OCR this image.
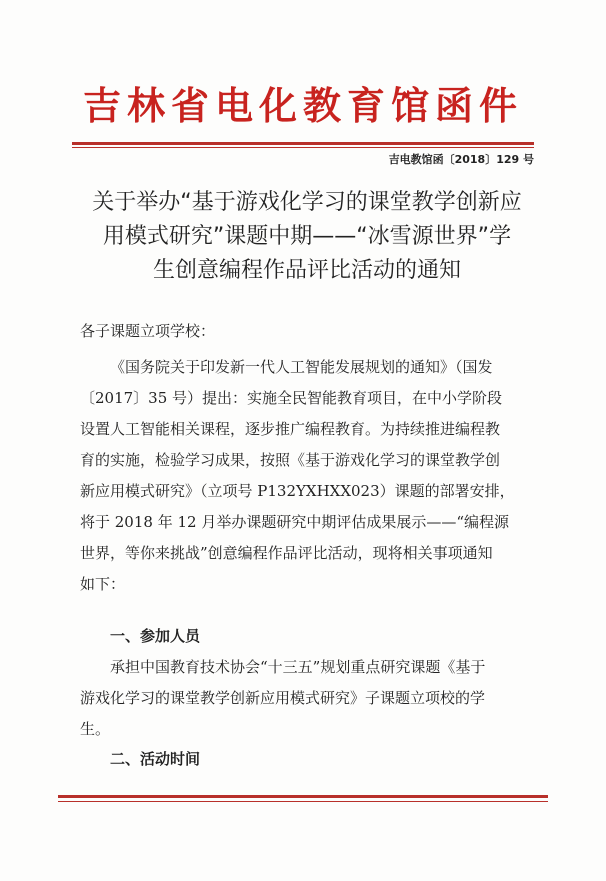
吉林省电化教育馆函件
吉电教馆函〔2018〕129 号
关于举办“基于游戏化学习的课堂教学创新应
用模式研究”课题中期——“冰雪源世界”学
生创意编程作品评比活动的通知
各子课题立项学校：
《国务院关于印发新一代人工智能发展规划的通知》（国发
〔2017〕35 号）提出：实施全民智能教育项目，在中小学阶段
设置人工智能相关课程，逐步推广编程教育。为持续推进编程教
育的实施，检验学习成果，按照《基于游戏化学习的课堂教学创
新应用模式研究》（立项号 P132YXHXX023）课题的部署安排，
将于 2018 年 12 月举办课题研究中期评估成果展示——“编程源
世界，等你来挑战”创意编程作品评比活动，现将相关事项通知
如下：
一、参加人员
承担中国教育技术协会“十三五”规划重点研究课题《基于
游戏化学习的课堂教学创新应用模式研究》子课题立项校的学
生。
二、活动时间
